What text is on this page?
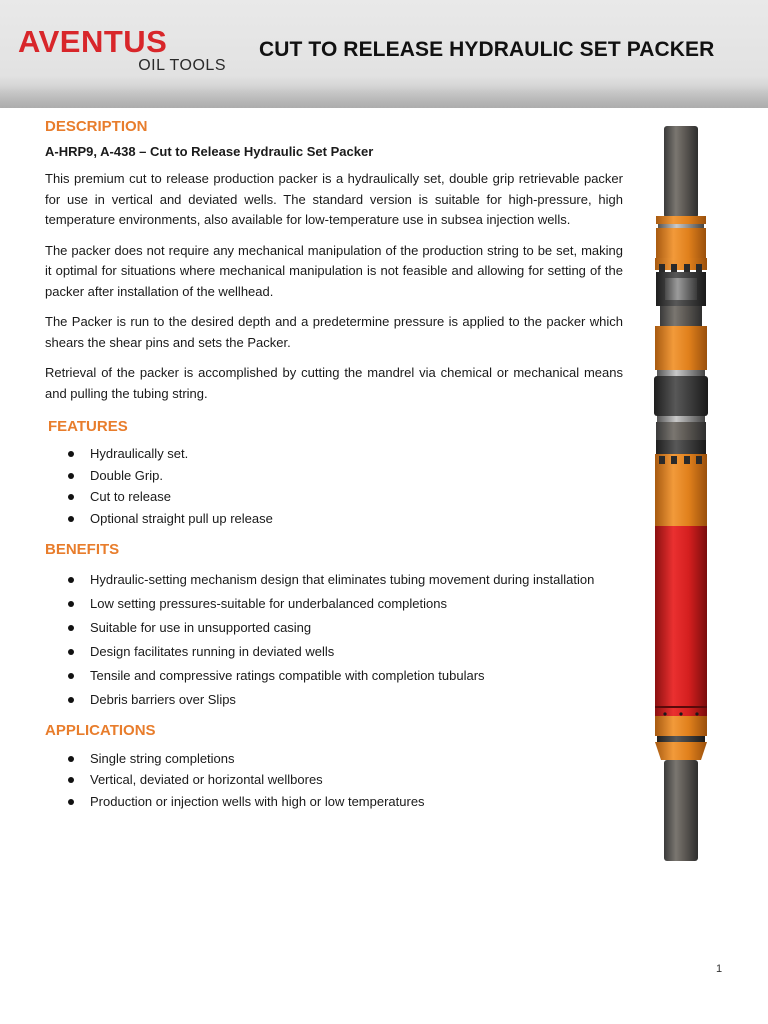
AVENTUS
OIL TOOLS
CUT TO RELEASE HYDRAULIC SET PACKER
DESCRIPTION
A-HRP9, A-438 – Cut to Release Hydraulic Set Packer

This premium cut to release production packer is a hydraulically set, double grip retrievable packer for use in vertical and deviated wells. The standard version is suitable for high-pressure, high temperature environments, also available for low-temperature use in subsea injection wells.

The packer does not require any mechanical manipulation of the production string to be set, making it optimal for situations where mechanical manipulation is not feasible and allowing for setting of the packer after installation of the wellhead.

The Packer is run to the desired depth and a predetermine pressure is applied to the packer which shears the shear pins and sets the Packer.

Retrieval of the packer is accomplished by cutting the mandrel via chemical or mechanical means and pulling the tubing string.

FEATURES
Hydraulically set.
Double Grip.
Cut to release
Optional straight pull up release
BENEFITS
Hydraulic-setting mechanism design that eliminates tubing movement during installation
Low setting pressures-suitable for underbalanced completions
Suitable for use in unsupported casing
Design facilitates running in deviated wells
Tensile and compressive ratings compatible with completion tubulars
Debris barriers over Slips
APPLICATIONS
Single string completions
Vertical, deviated or horizontal wellbores
Production or injection wells with high or low temperatures
1
